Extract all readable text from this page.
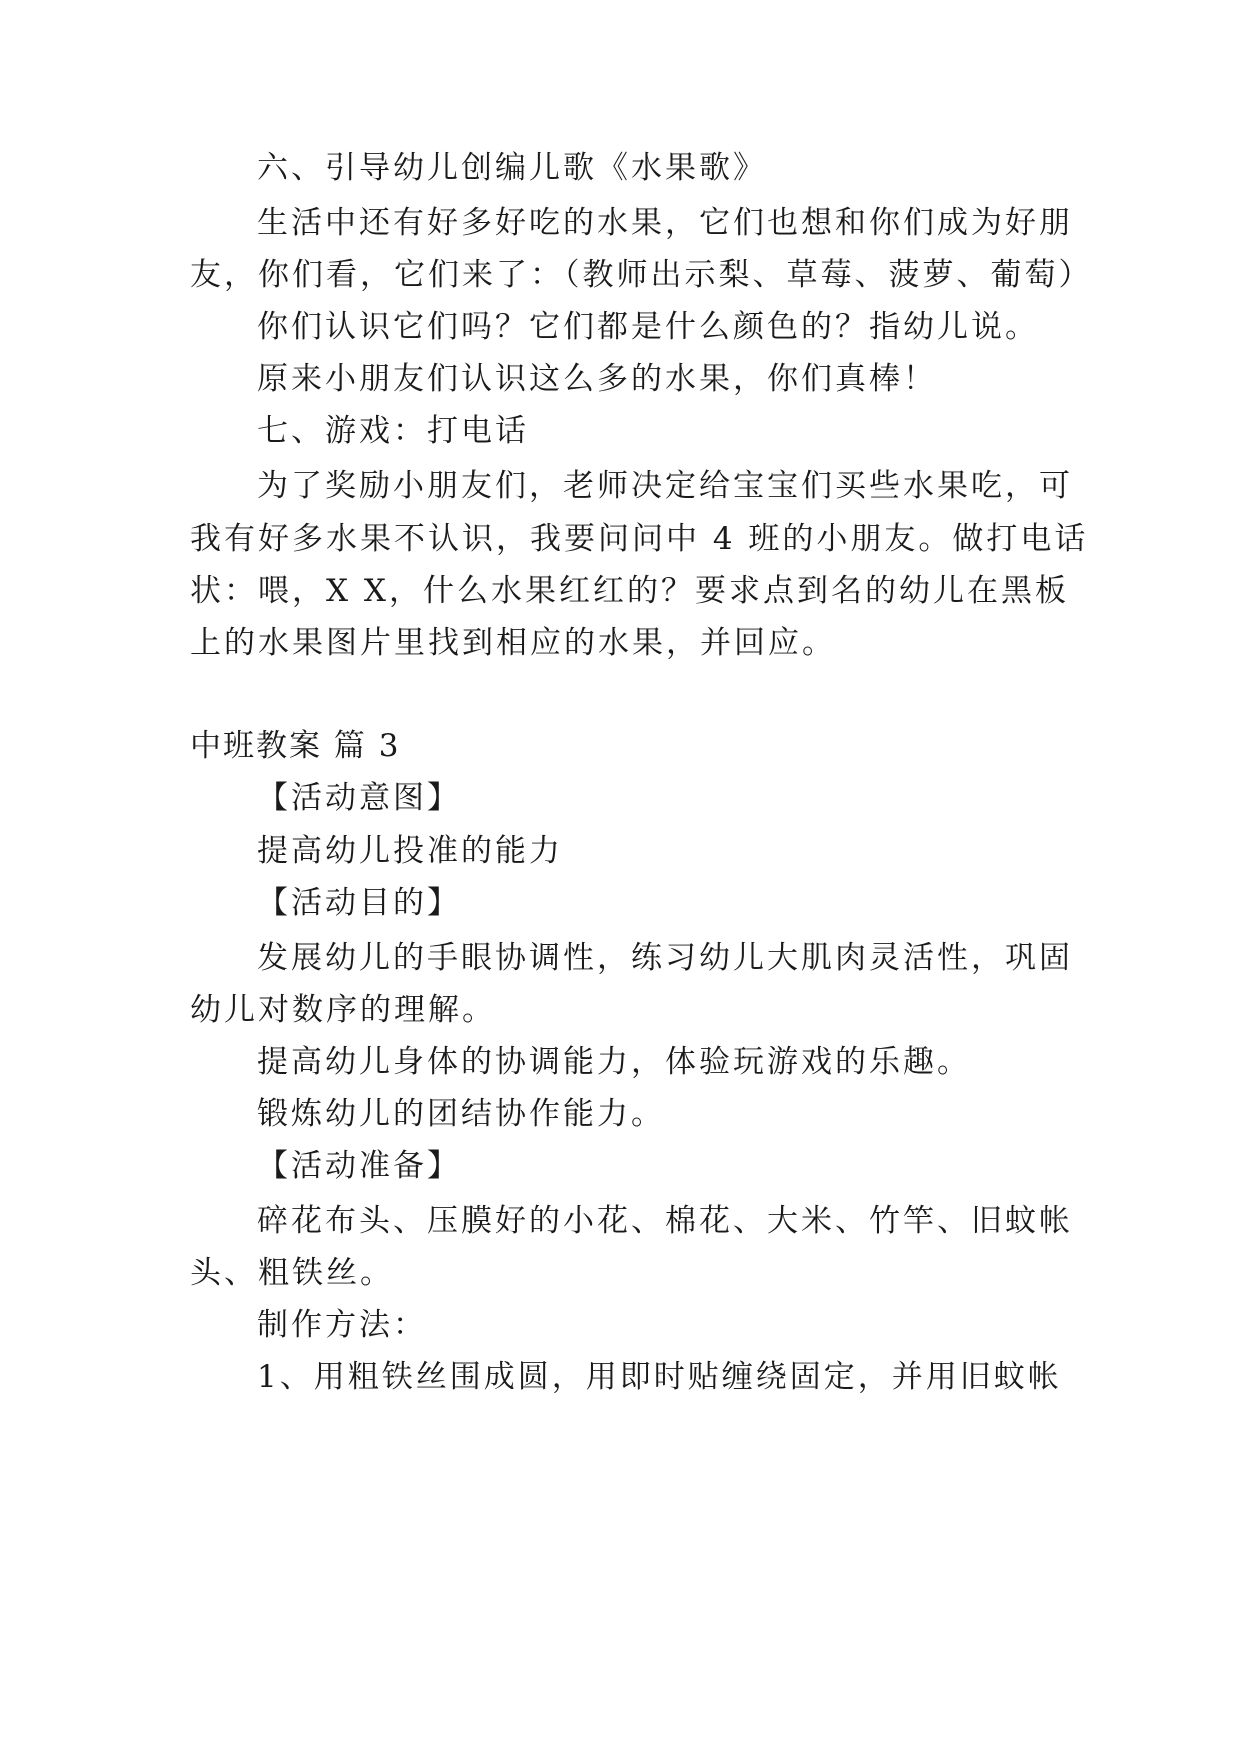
六、引导幼儿创编儿歌《水果歌》
生活中还有好多好吃的水果，它们也想和你们成为好朋
友，你们看，它们来了：（教师出示梨、草莓、菠萝、葡萄）
你们认识它们吗？它们都是什么颜色的？指幼儿说。
原来小朋友们认识这么多的水果，你们真棒！
七、游戏：打电话
为了奖励小朋友们，老师决定给宝宝们买些水果吃，可
我有好多水果不认识，我要问问中 4 班的小朋友。做打电话
状：喂，X X，什么水果红红的？要求点到名的幼儿在黑板
上的水果图片里找到相应的水果，并回应。
中班教案 篇 3
【活动意图】
提高幼儿投准的能力
【活动目的】
发展幼儿的手眼协调性，练习幼儿大肌肉灵活性，巩固
幼儿对数序的理解。
提高幼儿身体的协调能力，体验玩游戏的乐趣。
锻炼幼儿的团结协作能力。
【活动准备】
碎花布头、压膜好的小花、棉花、大米、竹竿、旧蚊帐
头、粗铁丝。
制作方法：
1、用粗铁丝围成圆，用即时贴缠绕固定，并用旧蚊帐
